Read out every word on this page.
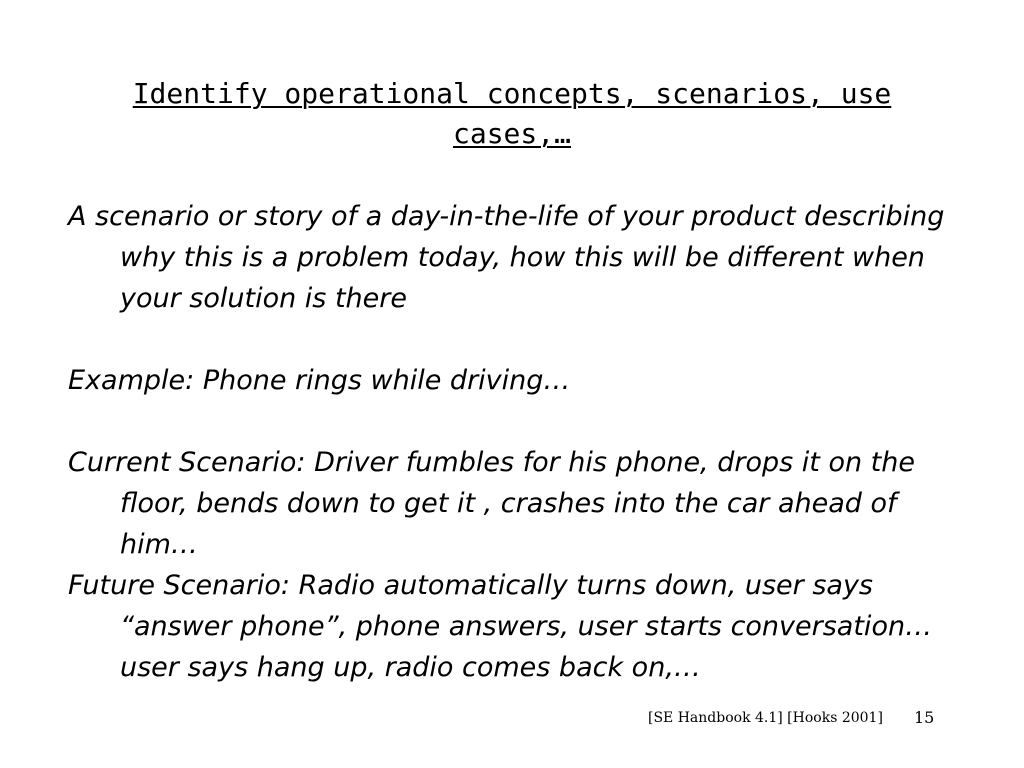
Identify operational concepts, scenarios, use cases,…

A scenario or story of a day-in-the-life of your product describing why this is a problem today, how this will be different when your solution is there

Example: Phone rings while driving…

Current Scenario: Driver fumbles for his phone, drops it on the floor, bends down to get it , crashes into the car ahead of him…

Future Scenario: Radio automatically turns down, user says “answer phone”, phone answers, user starts conversation…user says hang up, radio comes back on,…

[SE Handbook 4.1] [Hooks 2001] 15
